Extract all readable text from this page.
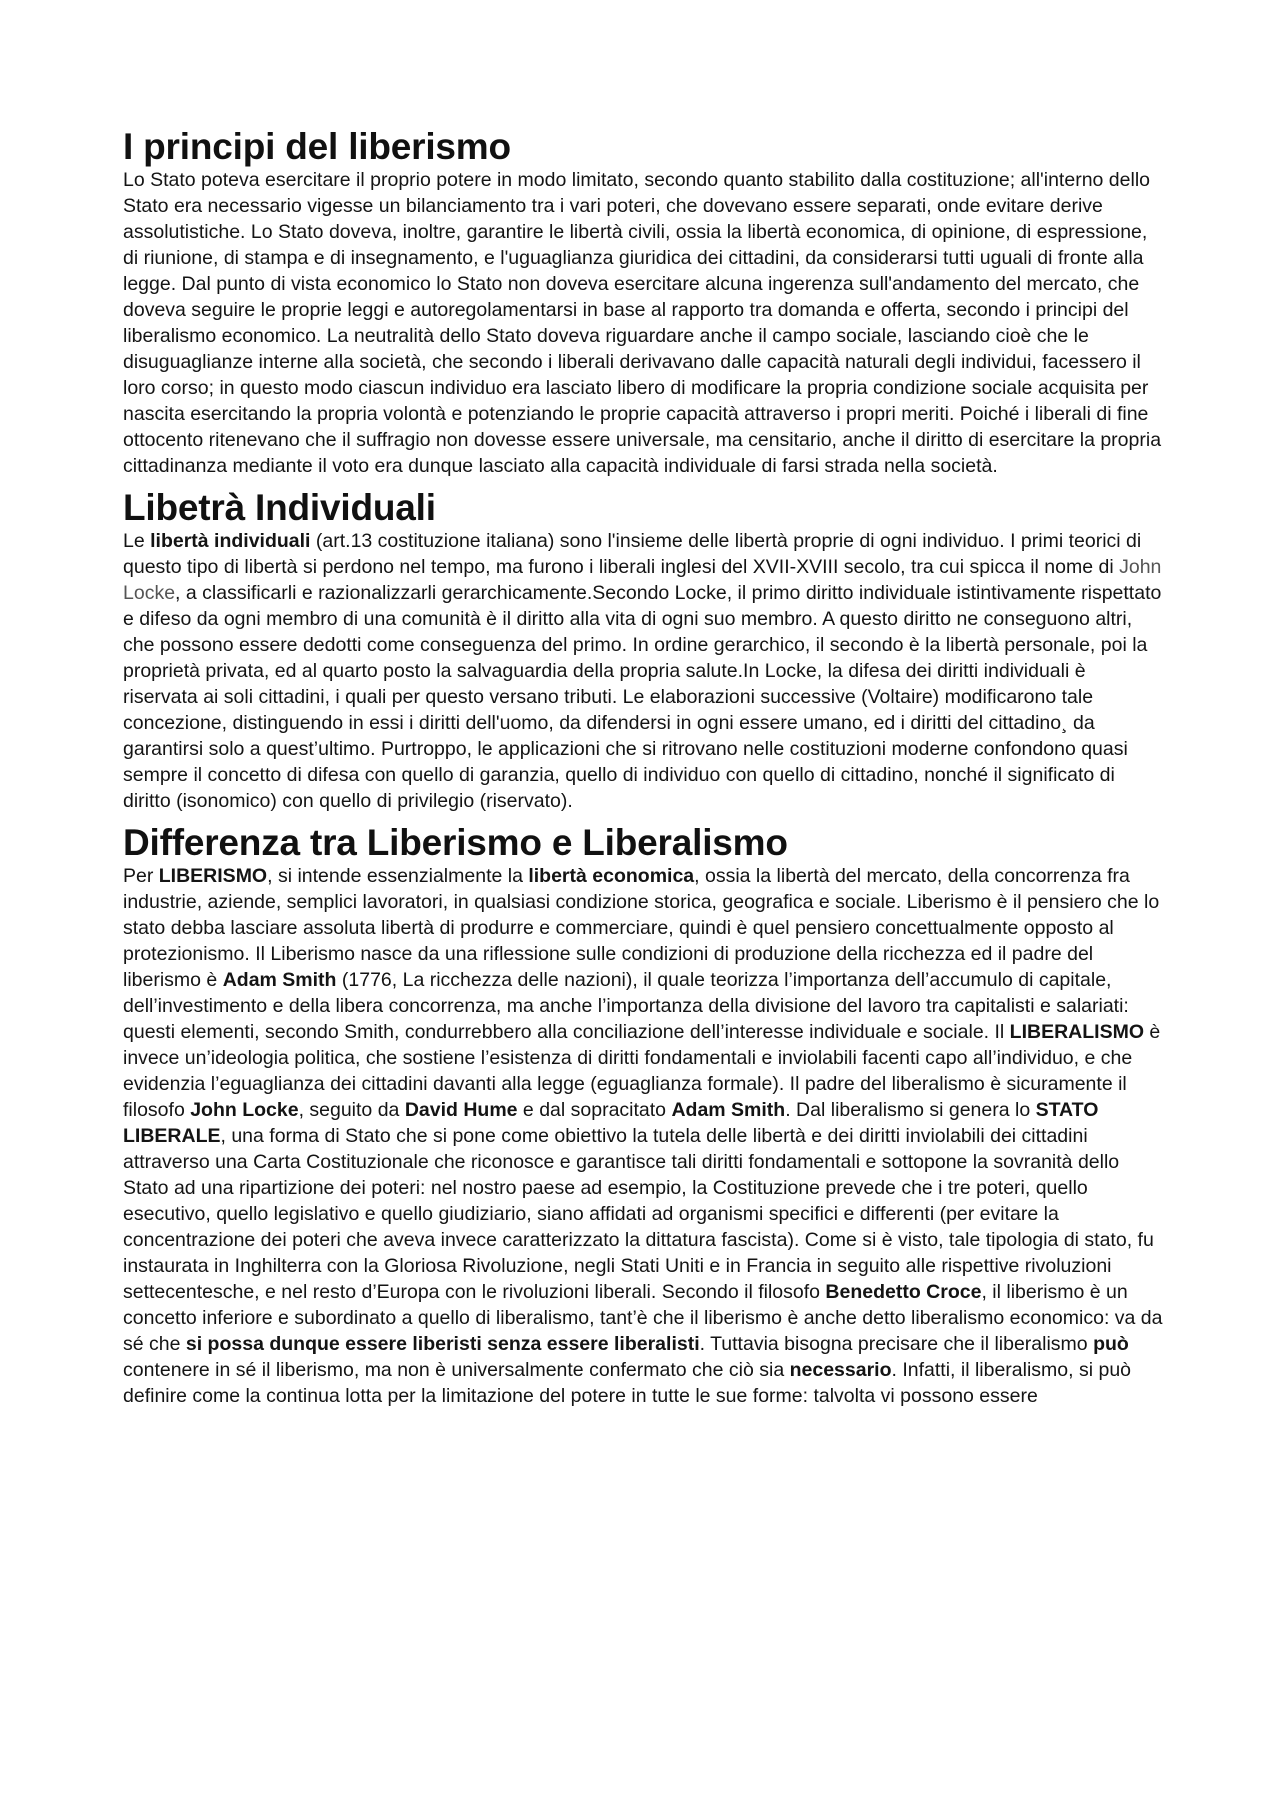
I principi del liberismo

Lo Stato poteva esercitare il proprio potere in modo limitato, secondo quanto stabilito dalla costituzione; all'interno dello Stato era necessario vigesse un bilanciamento tra i vari poteri, che dovevano essere separati, onde evitare derive assolutistiche. Lo Stato doveva, inoltre, garantire le libertà civili, ossia la libertà economica, di opinione, di espressione, di riunione, di stampa e di insegnamento, e l'uguaglianza giuridica dei cittadini, da considerarsi tutti uguali di fronte alla legge. Dal punto di vista economico lo Stato non doveva esercitare alcuna ingerenza sull'andamento del mercato, che doveva seguire le proprie leggi e autoregolamentarsi in base al rapporto tra domanda e offerta, secondo i principi del liberalismo economico. La neutralità dello Stato doveva riguardare anche il campo sociale, lasciando cioè che le disuguaglianze interne alla società, che secondo i liberali derivavano dalle capacità naturali degli individui, facessero il loro corso; in questo modo ciascun individuo era lasciato libero di modificare la propria condizione sociale acquisita per nascita esercitando la propria volontà e potenziando le proprie capacità attraverso i propri meriti. Poiché i liberali di fine ottocento ritenevano che il suffragio non dovesse essere universale, ma censitario, anche il diritto di esercitare la propria cittadinanza mediante il voto era dunque lasciato alla capacità individuale di farsi strada nella società.

Libetrà Individuali

Le libertà individuali (art.13 costituzione italiana) sono l'insieme delle libertà proprie di ogni individuo. I primi teorici di questo tipo di libertà si perdono nel tempo, ma furono i liberali inglesi del XVII-XVIII secolo, tra cui spicca il nome di John Locke, a classificarli e razionalizzarli gerarchicamente.Secondo Locke, il primo diritto individuale istintivamente rispettato e difeso da ogni membro di una comunità è il diritto alla vita di ogni suo membro. A questo diritto ne conseguono altri, che possono essere dedotti come conseguenza del primo. In ordine gerarchico, il secondo è la libertà personale, poi la proprietà privata, ed al quarto posto la salvaguardia della propria salute.In Locke, la difesa dei diritti individuali è riservata ai soli cittadini, i quali per questo versano tributi. Le elaborazioni successive (Voltaire) modificarono tale concezione, distinguendo in essi i diritti dell'uomo, da difendersi in ogni essere umano, ed i diritti del cittadino¸ da garantirsi solo a quest’ultimo. Purtroppo, le applicazioni che si ritrovano nelle costituzioni moderne confondono quasi sempre il concetto di difesa con quello di garanzia, quello di individuo con quello di cittadino, nonché il significato di diritto (isonomico) con quello di privilegio (riservato).

Differenza tra Liberismo e Liberalismo

Per LIBERISMO, si intende essenzialmente la libertà economica, ossia la libertà del mercato, della concorrenza fra industrie, aziende, semplici lavoratori, in qualsiasi condizione storica, geografica e sociale. Liberismo è il pensiero che lo stato debba lasciare assoluta libertà di produrre e commerciare, quindi è quel pensiero concettualmente opposto al protezionismo. Il Liberismo nasce da una riflessione sulle condizioni di produzione della ricchezza ed il padre del liberismo è Adam Smith (1776, La ricchezza delle nazioni), il quale teorizza l’importanza dell’accumulo di capitale, dell’investimento e della libera concorrenza, ma anche l’importanza della divisione del lavoro tra capitalisti e salariati: questi elementi, secondo Smith, condurrebbero alla conciliazione dell’interesse individuale e sociale. Il LIBERALISMO è invece un’ideologia politica, che sostiene l’esistenza di diritti fondamentali e inviolabili facenti capo all’individuo, e che evidenzia l’eguaglianza dei cittadini davanti alla legge (eguaglianza formale). Il padre del liberalismo è sicuramente il filosofo John Locke, seguito da David Hume e dal sopracitato Adam Smith. Dal liberalismo si genera lo STATO LIBERALE, una forma di Stato che si pone come obiettivo la tutela delle libertà e dei diritti inviolabili dei cittadini attraverso una Carta Costituzionale che riconosce e garantisce tali diritti fondamentali e sottopone la sovranità dello Stato ad una ripartizione dei poteri: nel nostro paese ad esempio, la Costituzione prevede che i tre poteri, quello esecutivo, quello legislativo e quello giudiziario, siano affidati ad organismi specifici e differenti (per evitare la concentrazione dei poteri che aveva invece caratterizzato la dittatura fascista). Come si è visto, tale tipologia di stato, fu instaurata in Inghilterra con la Gloriosa Rivoluzione, negli Stati Uniti e in Francia in seguito alle rispettive rivoluzioni settecentesche, e nel resto d’Europa con le rivoluzioni liberali. Secondo il filosofo Benedetto Croce, il liberismo è un concetto inferiore e subordinato a quello di liberalismo, tant’è che il liberismo è anche detto liberalismo economico: va da sé che si possa dunque essere liberisti senza essere liberalisti. Tuttavia bisogna precisare che il liberalismo può contenere in sé il liberismo, ma non è universalmente confermato che ciò sia necessario. Infatti, il liberalismo, si può definire come la continua lotta per la limitazione del potere in tutte le sue forme: talvolta vi possono essere
